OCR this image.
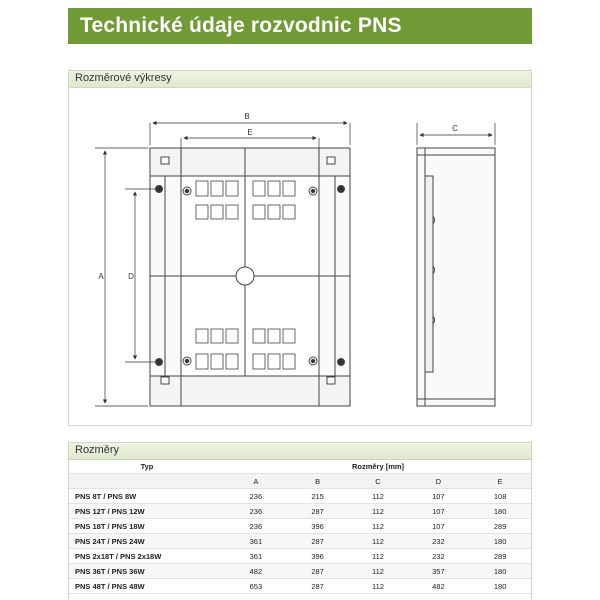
Technické údaje rozvodnic PNS
Rozměrové výkresy
B
E
A	D
C
Rozměry
Typ	Rozměry [mm]				
	A	B	C	D	E
PNS 8T / PNS 8W	236	215	112	107	108
PNS 12T / PNS 12W	236	287	112	107	180
PNS 18T / PNS 18W	236	396	112	107	289
PNS 24T / PNS 24W	361	287	112	232	180
PNS 2x18T / PNS 2x18W	361	396	112	232	289
PNS 36T / PNS 36W	482	287	112	357	180
PNS 48T / PNS 48W	653	287	112	482	180
